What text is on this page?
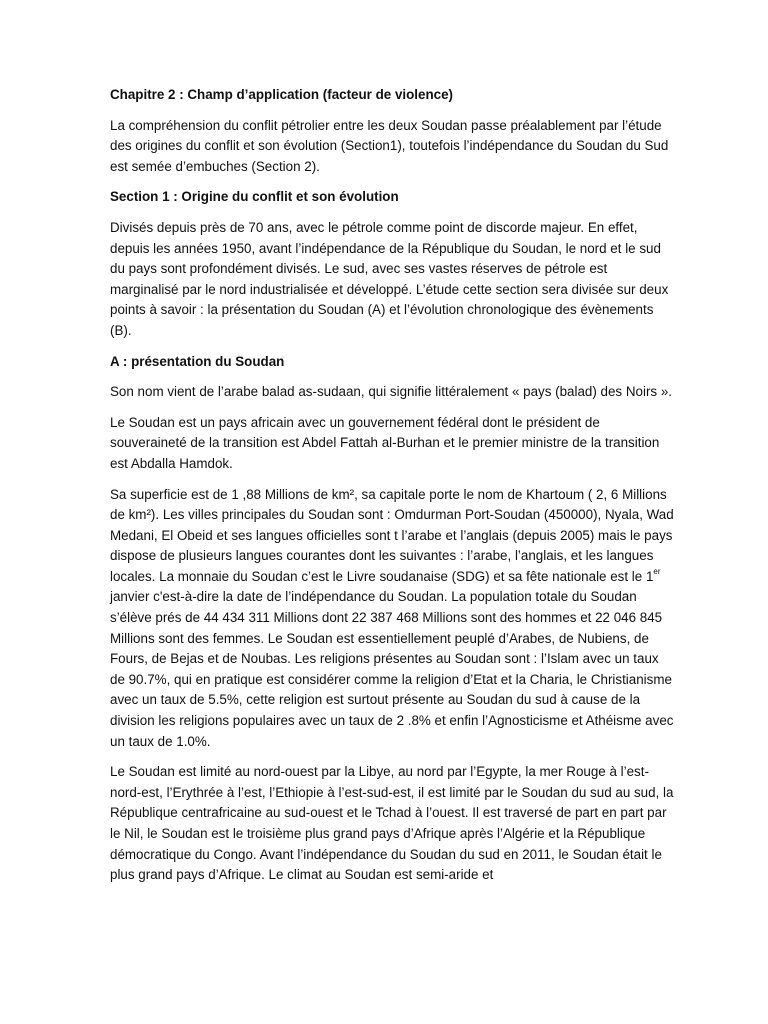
Chapitre 2 : Champ d’application (facteur de violence)

La compréhension du conflit pétrolier entre les deux Soudan passe préalablement par l’étude des origines du conflit et son évolution (Section1), toutefois l’indépendance du Soudan du Sud est semée d’embuches (Section 2).

Section 1 : Origine du conflit et son évolution

Divisés depuis près de 70 ans, avec le pétrole comme point de discorde majeur. En effet, depuis les années 1950, avant l’indépendance de la République du Soudan, le nord et le sud du pays sont profondément divisés. Le sud, avec ses vastes réserves de pétrole est marginalisé par le nord industrialisée et développé. L’étude cette section sera divisée sur deux points à savoir : la présentation du Soudan (A) et l’évolution chronologique des évènements (B).

A : présentation du Soudan

Son nom vient de l’arabe balad as-sudaan, qui signifie littéralement « pays (balad) des Noirs ».

Le Soudan est un pays africain avec un gouvernement fédéral dont le président de souveraineté de la transition est Abdel Fattah al-Burhan et le premier ministre de la transition est Abdalla Hamdok.

Sa superficie est de 1 ,88 Millions de km², sa capitale porte le nom de Khartoum ( 2, 6 Millions de km²). Les villes principales du Soudan sont : Omdurman Port-Soudan (450000), Nyala, Wad Medani, El Obeid et ses langues officielles sont t l’arabe et l’anglais (depuis 2005) mais le pays dispose de plusieurs langues courantes dont les suivantes : l’arabe, l’anglais, et les langues locales. La monnaie du Soudan c’est le Livre soudanaise (SDG) et sa fête nationale est le 1er janvier c'est-à-dire la date de l’indépendance du Soudan. La population totale du Soudan s’élève prés de 44 434 311 Millions dont 22 387 468 Millions sont des hommes et 22 046 845 Millions sont des femmes. Le Soudan est essentiellement peuplé d’Arabes, de Nubiens, de Fours, de Bejas et de Noubas. Les religions présentes au Soudan sont : l’Islam avec un taux de 90.7%, qui en pratique est considérer comme la religion d’Etat et la Charia, le Christianisme avec un taux de 5.5%, cette religion est surtout présente au Soudan du sud à cause de la division les religions populaires avec un taux de 2 .8% et enfin l’Agnosticisme et Athéisme avec un taux de 1.0%.

Le Soudan est limité au nord-ouest par la Libye, au nord par l’Egypte, la mer Rouge à l’est-nord-est, l’Erythrée à l’est, l’Ethiopie à l’est-sud-est, il est limité par le Soudan du sud au sud, la République centrafricaine au sud-ouest et le Tchad à l’ouest. Il est traversé de part en part par le Nil, le Soudan est le troisième plus grand pays d’Afrique après l’Algérie et la République démocratique du Congo. Avant l’indépendance du Soudan du sud en 2011, le Soudan était le plus grand pays d’Afrique. Le climat au Soudan est semi-aride et
